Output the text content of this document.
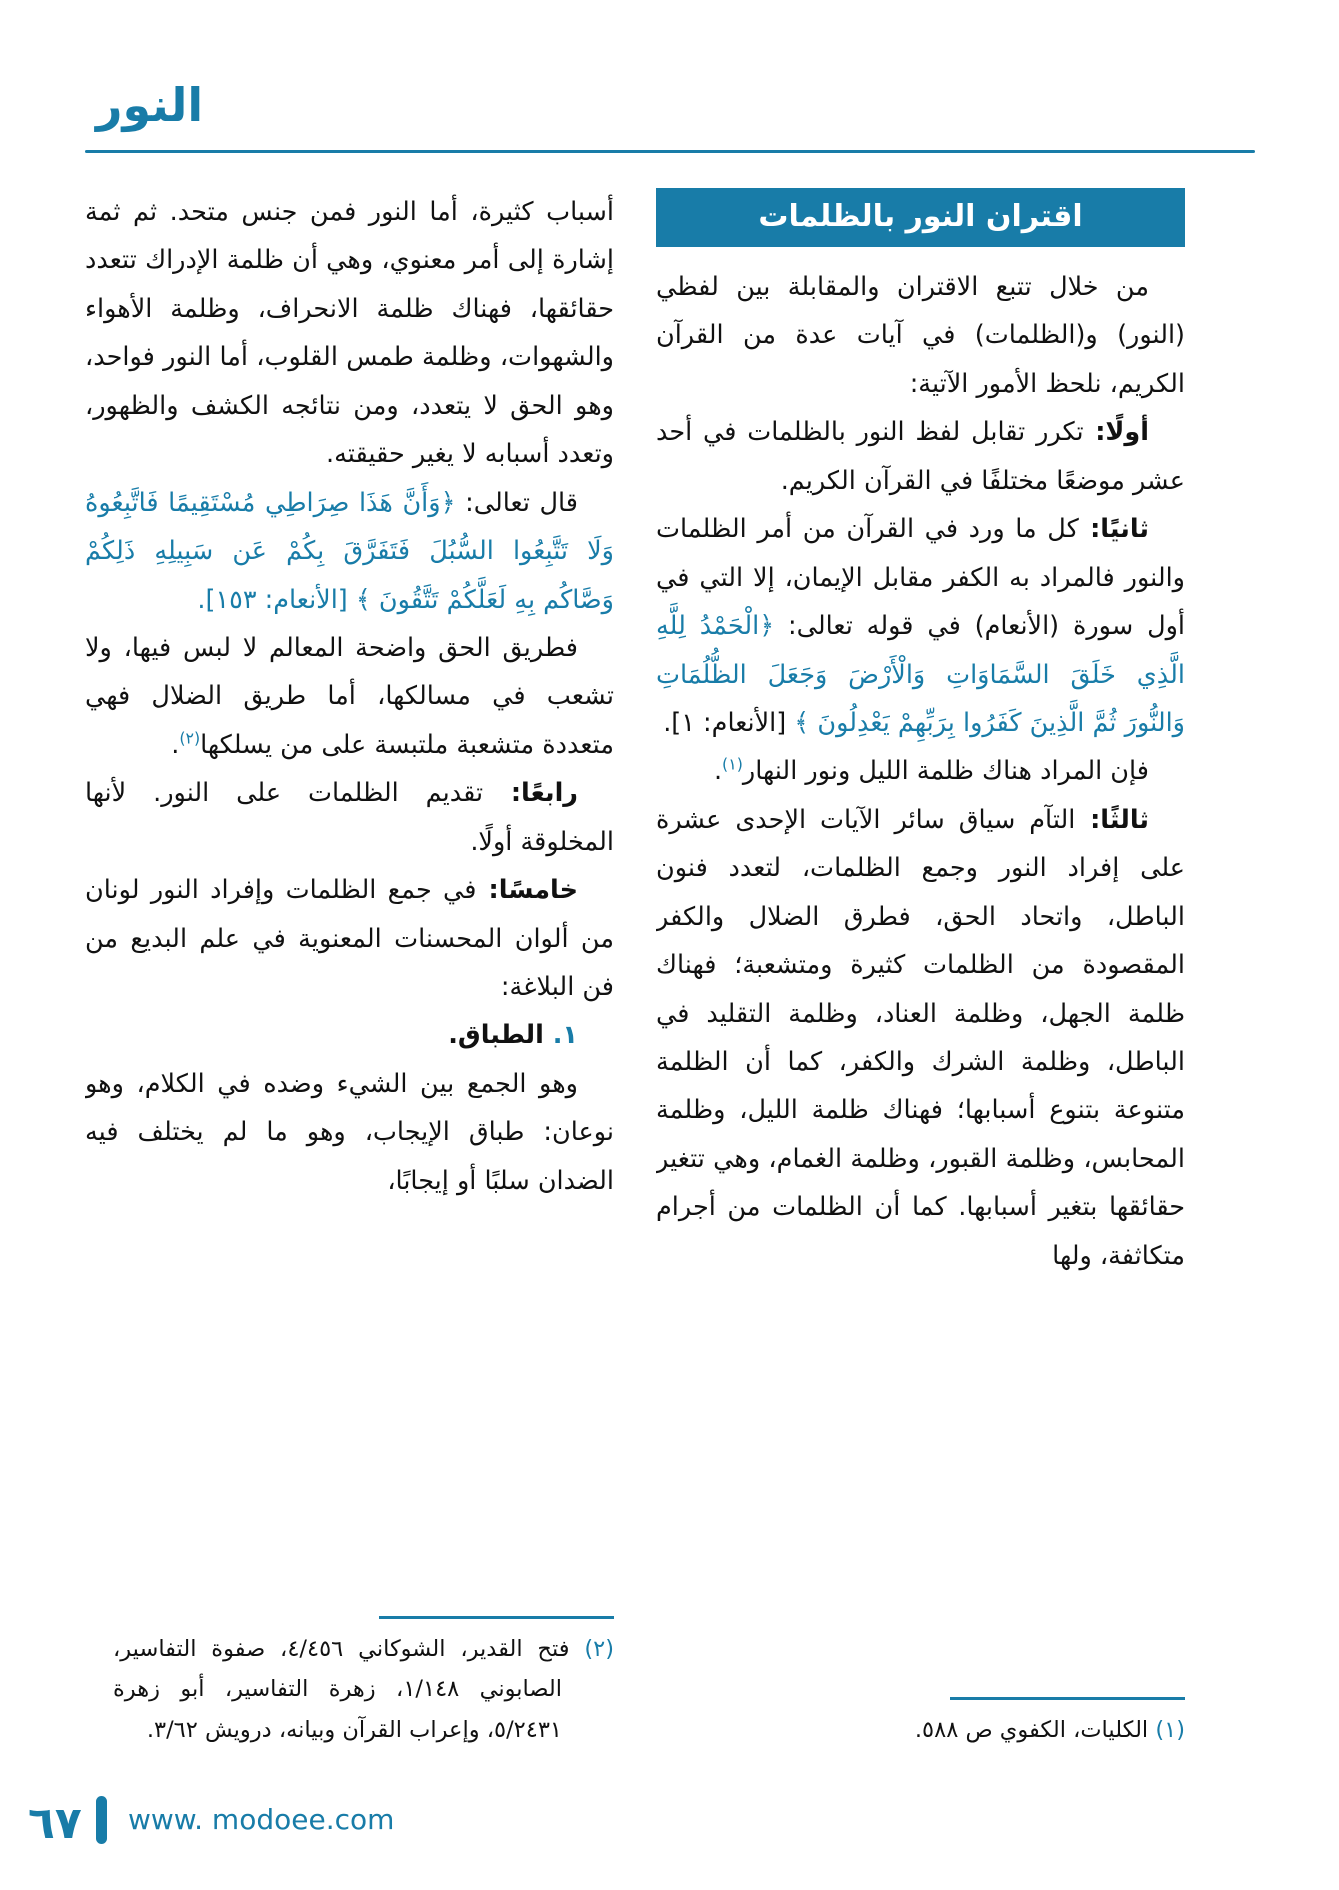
النور
اقتران النور بالظلمات

من خلال تتبع الاقتران والمقابلة بين لفظي (النور) و(الظلمات) في آيات عدة من القرآن الكريم، نلحظ الأمور الآتية:

أولًا: تكرر تقابل لفظ النور بالظلمات في أحد عشر موضعًا مختلفًا في القرآن الكريم.

ثانيًا: كل ما ورد في القرآن من أمر الظلمات والنور فالمراد به الكفر مقابل الإيمان، إلا التي في أول سورة (الأنعام) في قوله تعالى: ﴿الْحَمْدُ لِلَّهِ الَّذِي خَلَقَ السَّمَاوَاتِ وَالْأَرْضَ وَجَعَلَ الظُّلُمَاتِ وَالنُّورَ ثُمَّ الَّذِينَ كَفَرُوا بِرَبِّهِمْ يَعْدِلُونَ ﴾ [الأنعام: ١].

فإن المراد هناك ظلمة الليل ونور النهار$^{(١)}$.

ثالثًا: التآم سياق سائر الآيات الإحدى عشرة على إفراد النور وجمع الظلمات، لتعدد فنون الباطل، واتحاد الحق، فطرق الضلال والكفر المقصودة من الظلمات كثيرة ومتشعبة؛ فهناك ظلمة الجهل، وظلمة العناد، وظلمة التقليد في الباطل، وظلمة الشرك والكفر، كما أن الظلمة متنوعة بتنوع أسبابها؛ فهناك ظلمة الليل، وظلمة المحابس، وظلمة القبور، وظلمة الغمام، وهي تتغير حقائقها بتغير أسبابها. كما أن الظلمات من أجرام متكاثفة، ولها

(١) الكليات، الكفوي ص ٥٨٨.

أسباب كثيرة، أما النور فمن جنس متحد. ثم ثمة إشارة إلى أمر معنوي، وهي أن ظلمة الإدراك تتعدد حقائقها، فهناك ظلمة الانحراف، وظلمة الأهواء والشهوات، وظلمة طمس القلوب، أما النور فواحد، وهو الحق لا يتعدد، ومن نتائجه الكشف والظهور، وتعدد أسبابه لا يغير حقيقته.

قال تعالى: ﴿وَأَنَّ هَذَا صِرَاطِي مُسْتَقِيمًا فَاتَّبِعُوهُ وَلَا تَتَّبِعُوا السُّبُلَ فَتَفَرَّقَ بِكُمْ عَن سَبِيلِهِ ذَلِكُمْ وَصَّاكُم بِهِ لَعَلَّكُمْ تَتَّقُونَ ﴾ [الأنعام: ١٥٣].

فطريق الحق واضحة المعالم لا لبس فيها، ولا تشعب في مسالكها، أما طريق الضلال فهي متعددة متشعبة ملتبسة على من يسلكها$^{(٢)}$.

رابعًا: تقديم الظلمات على النور. لأنها المخلوقة أولًا.

خامسًا: في جمع الظلمات وإفراد النور لونان من ألوان المحسنات المعنوية في علم البديع من فن البلاغة:

١. الطباق.

وهو الجمع بين الشيء وضده في الكلام، وهو نوعان: طباق الإيجاب، وهو ما لم يختلف فيه الضدان سلبًا أو إيجابًا،

(٢) فتح القدير، الشوكاني ٤/٤٥٦، صفوة التفاسير، الصابوني ١/١٤٨، زهرة التفاسير، أبو زهرة ٥/٢٤٣١، وإعراب القرآن وبيانه، درويش ٣/٦٢.
٦٧ www. modoee.com
